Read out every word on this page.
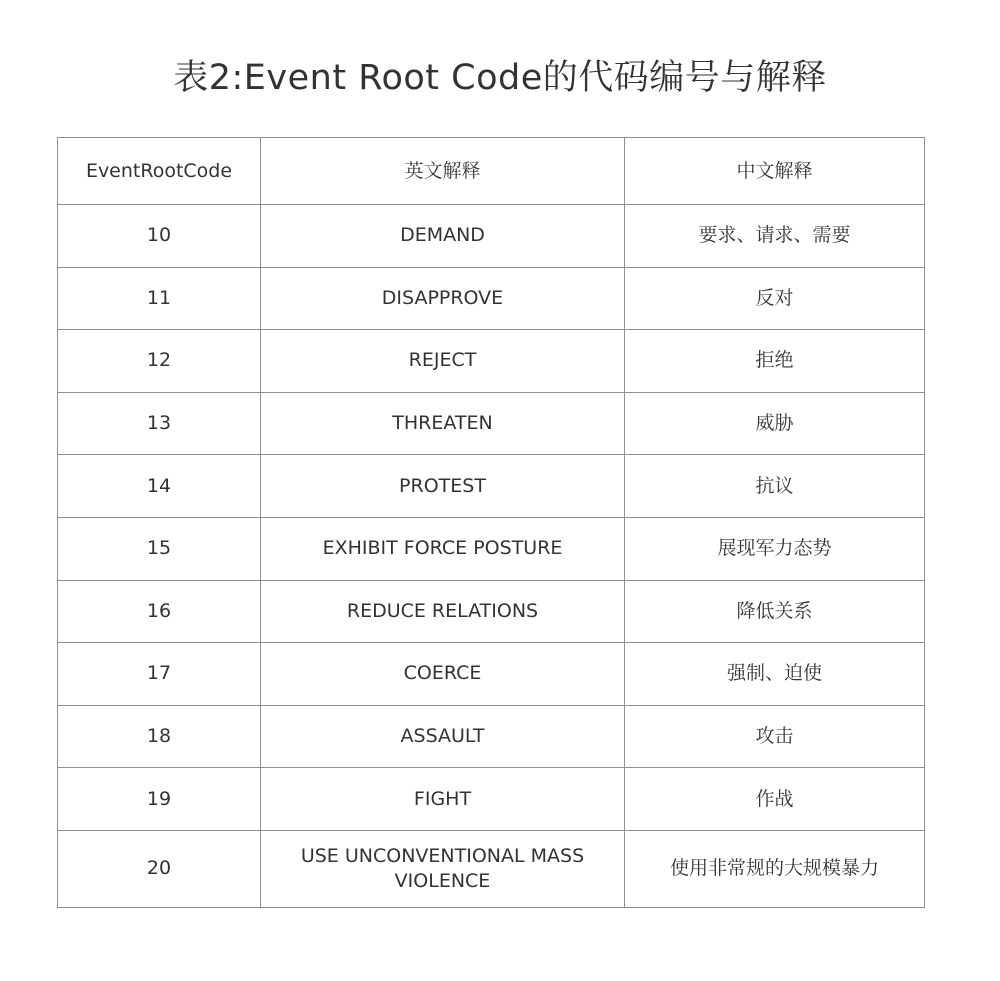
表2:Event Root Code的代码编号与解释
EventRootCode	英文解释	中文解释
10	DEMAND	要求、请求、需要
11	DISAPPROVE	反对
12	REJECT	拒绝
13	THREATEN	威胁
14	PROTEST	抗议
15	EXHIBIT FORCE POSTURE	展现军力态势
16	REDUCE RELATIONS	降低关系
17	COERCE	强制、迫使
18	ASSAULT	攻击
19	FIGHT	作战
20	USE UNCONVENTIONAL MASS VIOLENCE	使用非常规的大规模暴力
